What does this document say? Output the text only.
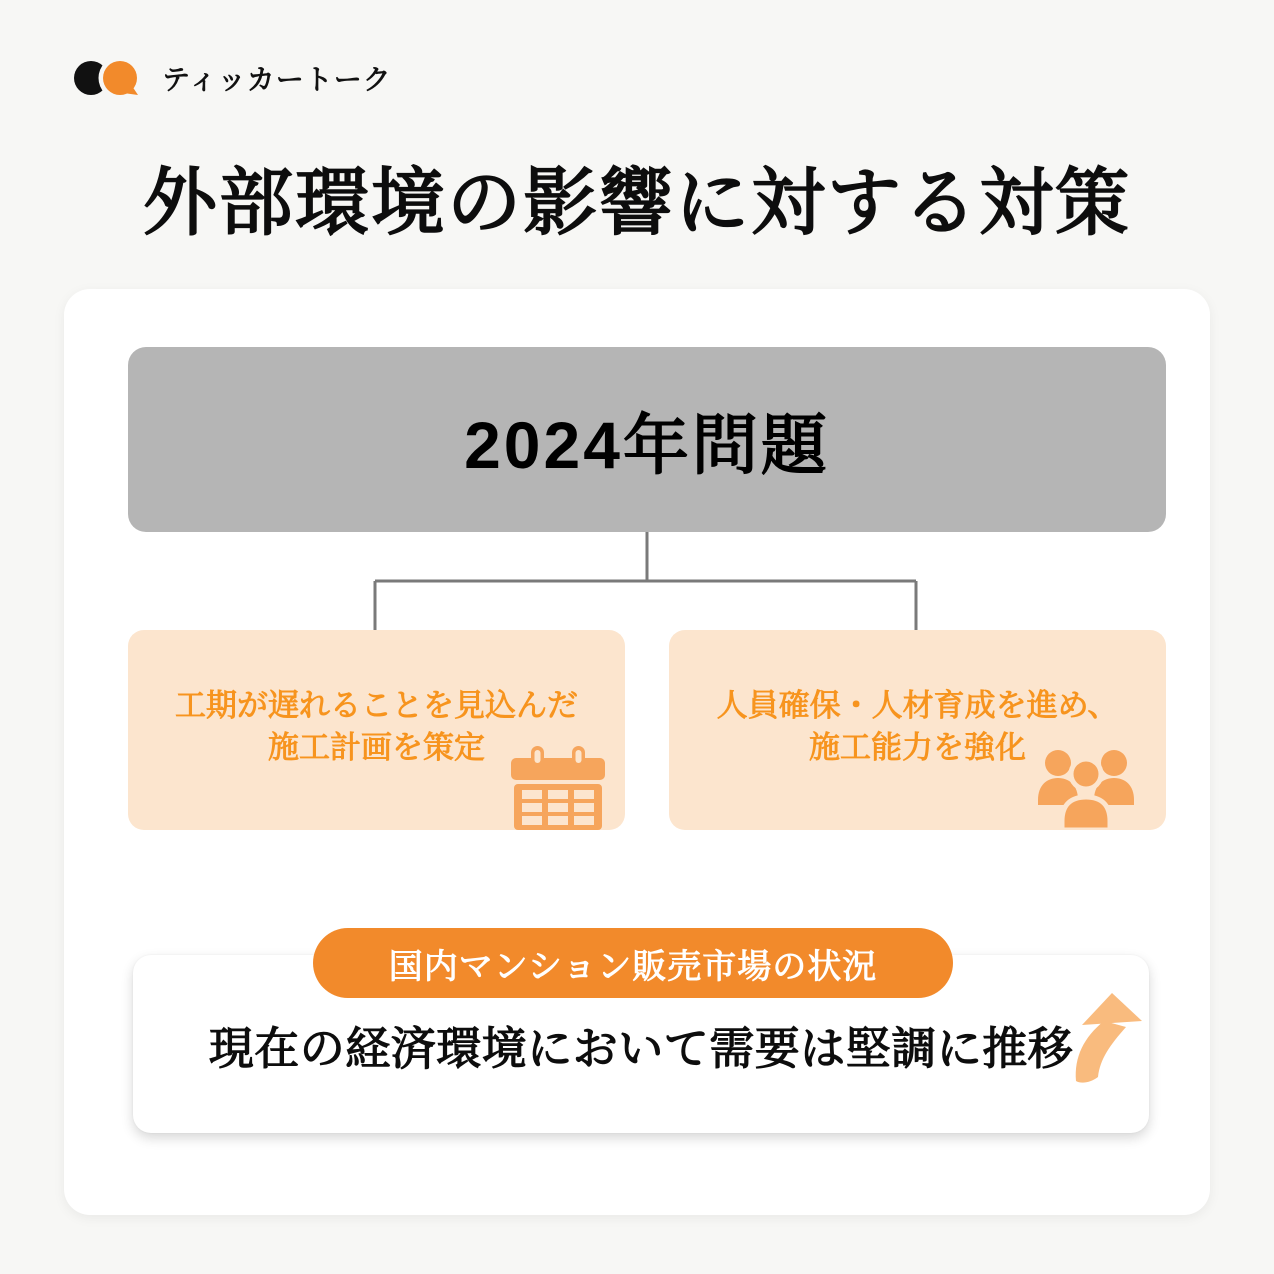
ティッカートーク
外部環境の影響に対する対策
2024年問題
工期が遅れることを見込んだ
施工計画を策定
人員確保・人材育成を進め、
施工能力を強化
国内マンション販売市場の状況
現在の経済環境において需要は堅調に推移
